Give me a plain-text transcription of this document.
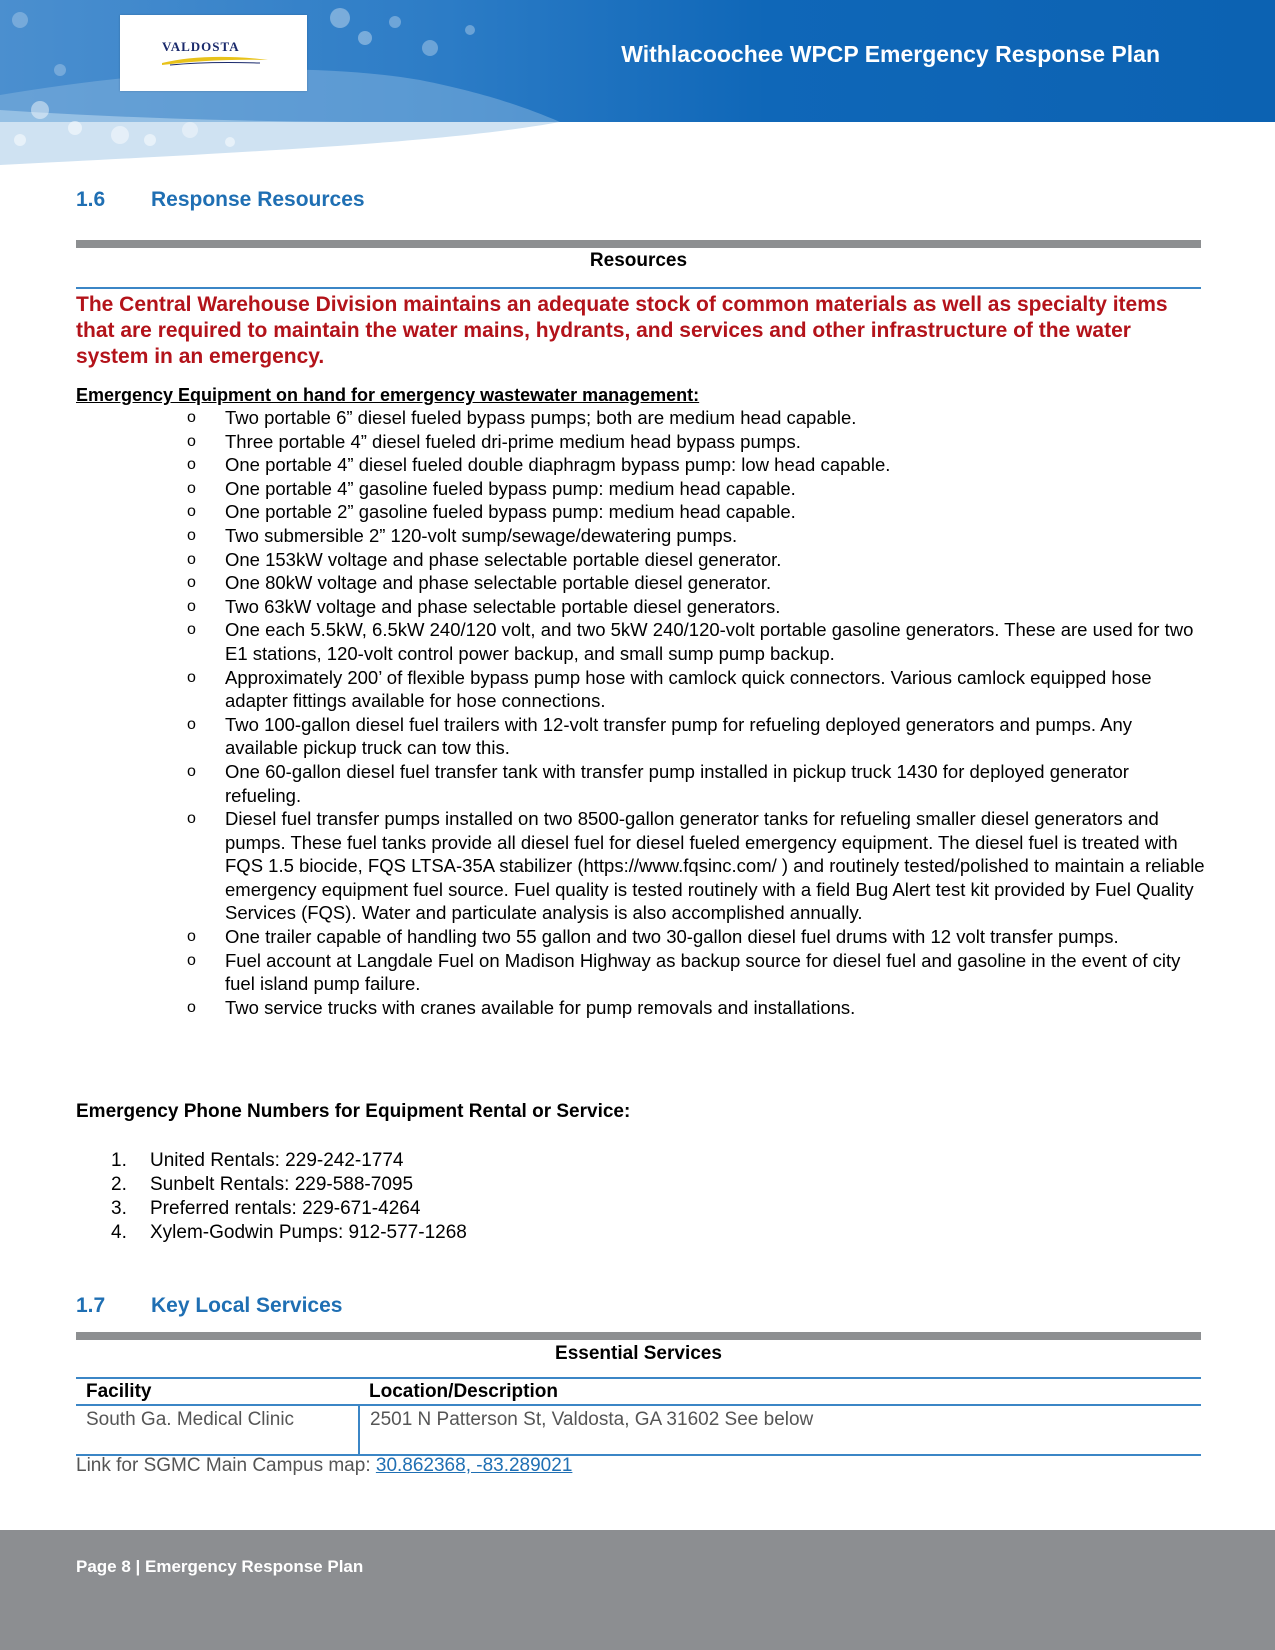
VALDOSTA	Withlacoochee WPCP Emergency Response Plan
1.6 Response Resources
Resources
The Central Warehouse Division maintains an adequate stock of common materials as well as specialty items that are required to maintain the water mains, hydrants, and services and other infrastructure of the water system in an emergency.
Emergency Equipment on hand for emergency wastewater management:
o Two portable 6” diesel fueled bypass pumps; both are medium head capable.
o Three portable 4” diesel fueled dri-prime medium head bypass pumps.
o One portable 4” diesel fueled double diaphragm bypass pump: low head capable.
o One portable 4” gasoline fueled bypass pump: medium head capable.
o One portable 2” gasoline fueled bypass pump: medium head capable.
o Two submersible 2” 120-volt sump/sewage/dewatering pumps.
o One 153kW voltage and phase selectable portable diesel generator.
o One 80kW voltage and phase selectable portable diesel generator.
o Two 63kW voltage and phase selectable portable diesel generators.
o One each 5.5kW, 6.5kW 240/120 volt, and two 5kW 240/120-volt portable gasoline generators. These are used for two E1 stations, 120-volt control power backup, and small sump pump backup.
o Approximately 200’ of flexible bypass pump hose with camlock quick connectors. Various camlock equipped hose adapter fittings available for hose connections.
o Two 100-gallon diesel fuel trailers with 12-volt transfer pump for refueling deployed generators and pumps. Any available pickup truck can tow this.
o One 60-gallon diesel fuel transfer tank with transfer pump installed in pickup truck 1430 for deployed generator refueling.
o Diesel fuel transfer pumps installed on two 8500-gallon generator tanks for refueling smaller diesel generators and pumps. These fuel tanks provide all diesel fuel for diesel fueled emergency equipment. The diesel fuel is treated with FQS 1.5 biocide, FQS LTSA-35A stabilizer (https://www.fqsinc.com/ ) and routinely tested/polished to maintain a reliable emergency equipment fuel source. Fuel quality is tested routinely with a field Bug Alert test kit provided by Fuel Quality Services (FQS). Water and particulate analysis is also accomplished annually.
o One trailer capable of handling two 55 gallon and two 30-gallon diesel fuel drums with 12 volt transfer pumps.
o Fuel account at Langdale Fuel on Madison Highway as backup source for diesel fuel and gasoline in the event of city fuel island pump failure.
o Two service trucks with cranes available for pump removals and installations.
Emergency Phone Numbers for Equipment Rental or Service:
1. United Rentals: 229-242-1774
2. Sunbelt Rentals: 229-588-7095
3. Preferred rentals: 229-671-4264
4. Xylem-Godwin Pumps: 912-577-1268
1.7 Key Local Services
Essential Services
Facility	Location/Description
South Ga. Medical Clinic	2501 N Patterson St, Valdosta, GA 31602 See below
Link for SGMC Main Campus map: 30.862368, -83.289021
Page 8 | Emergency Response Plan
